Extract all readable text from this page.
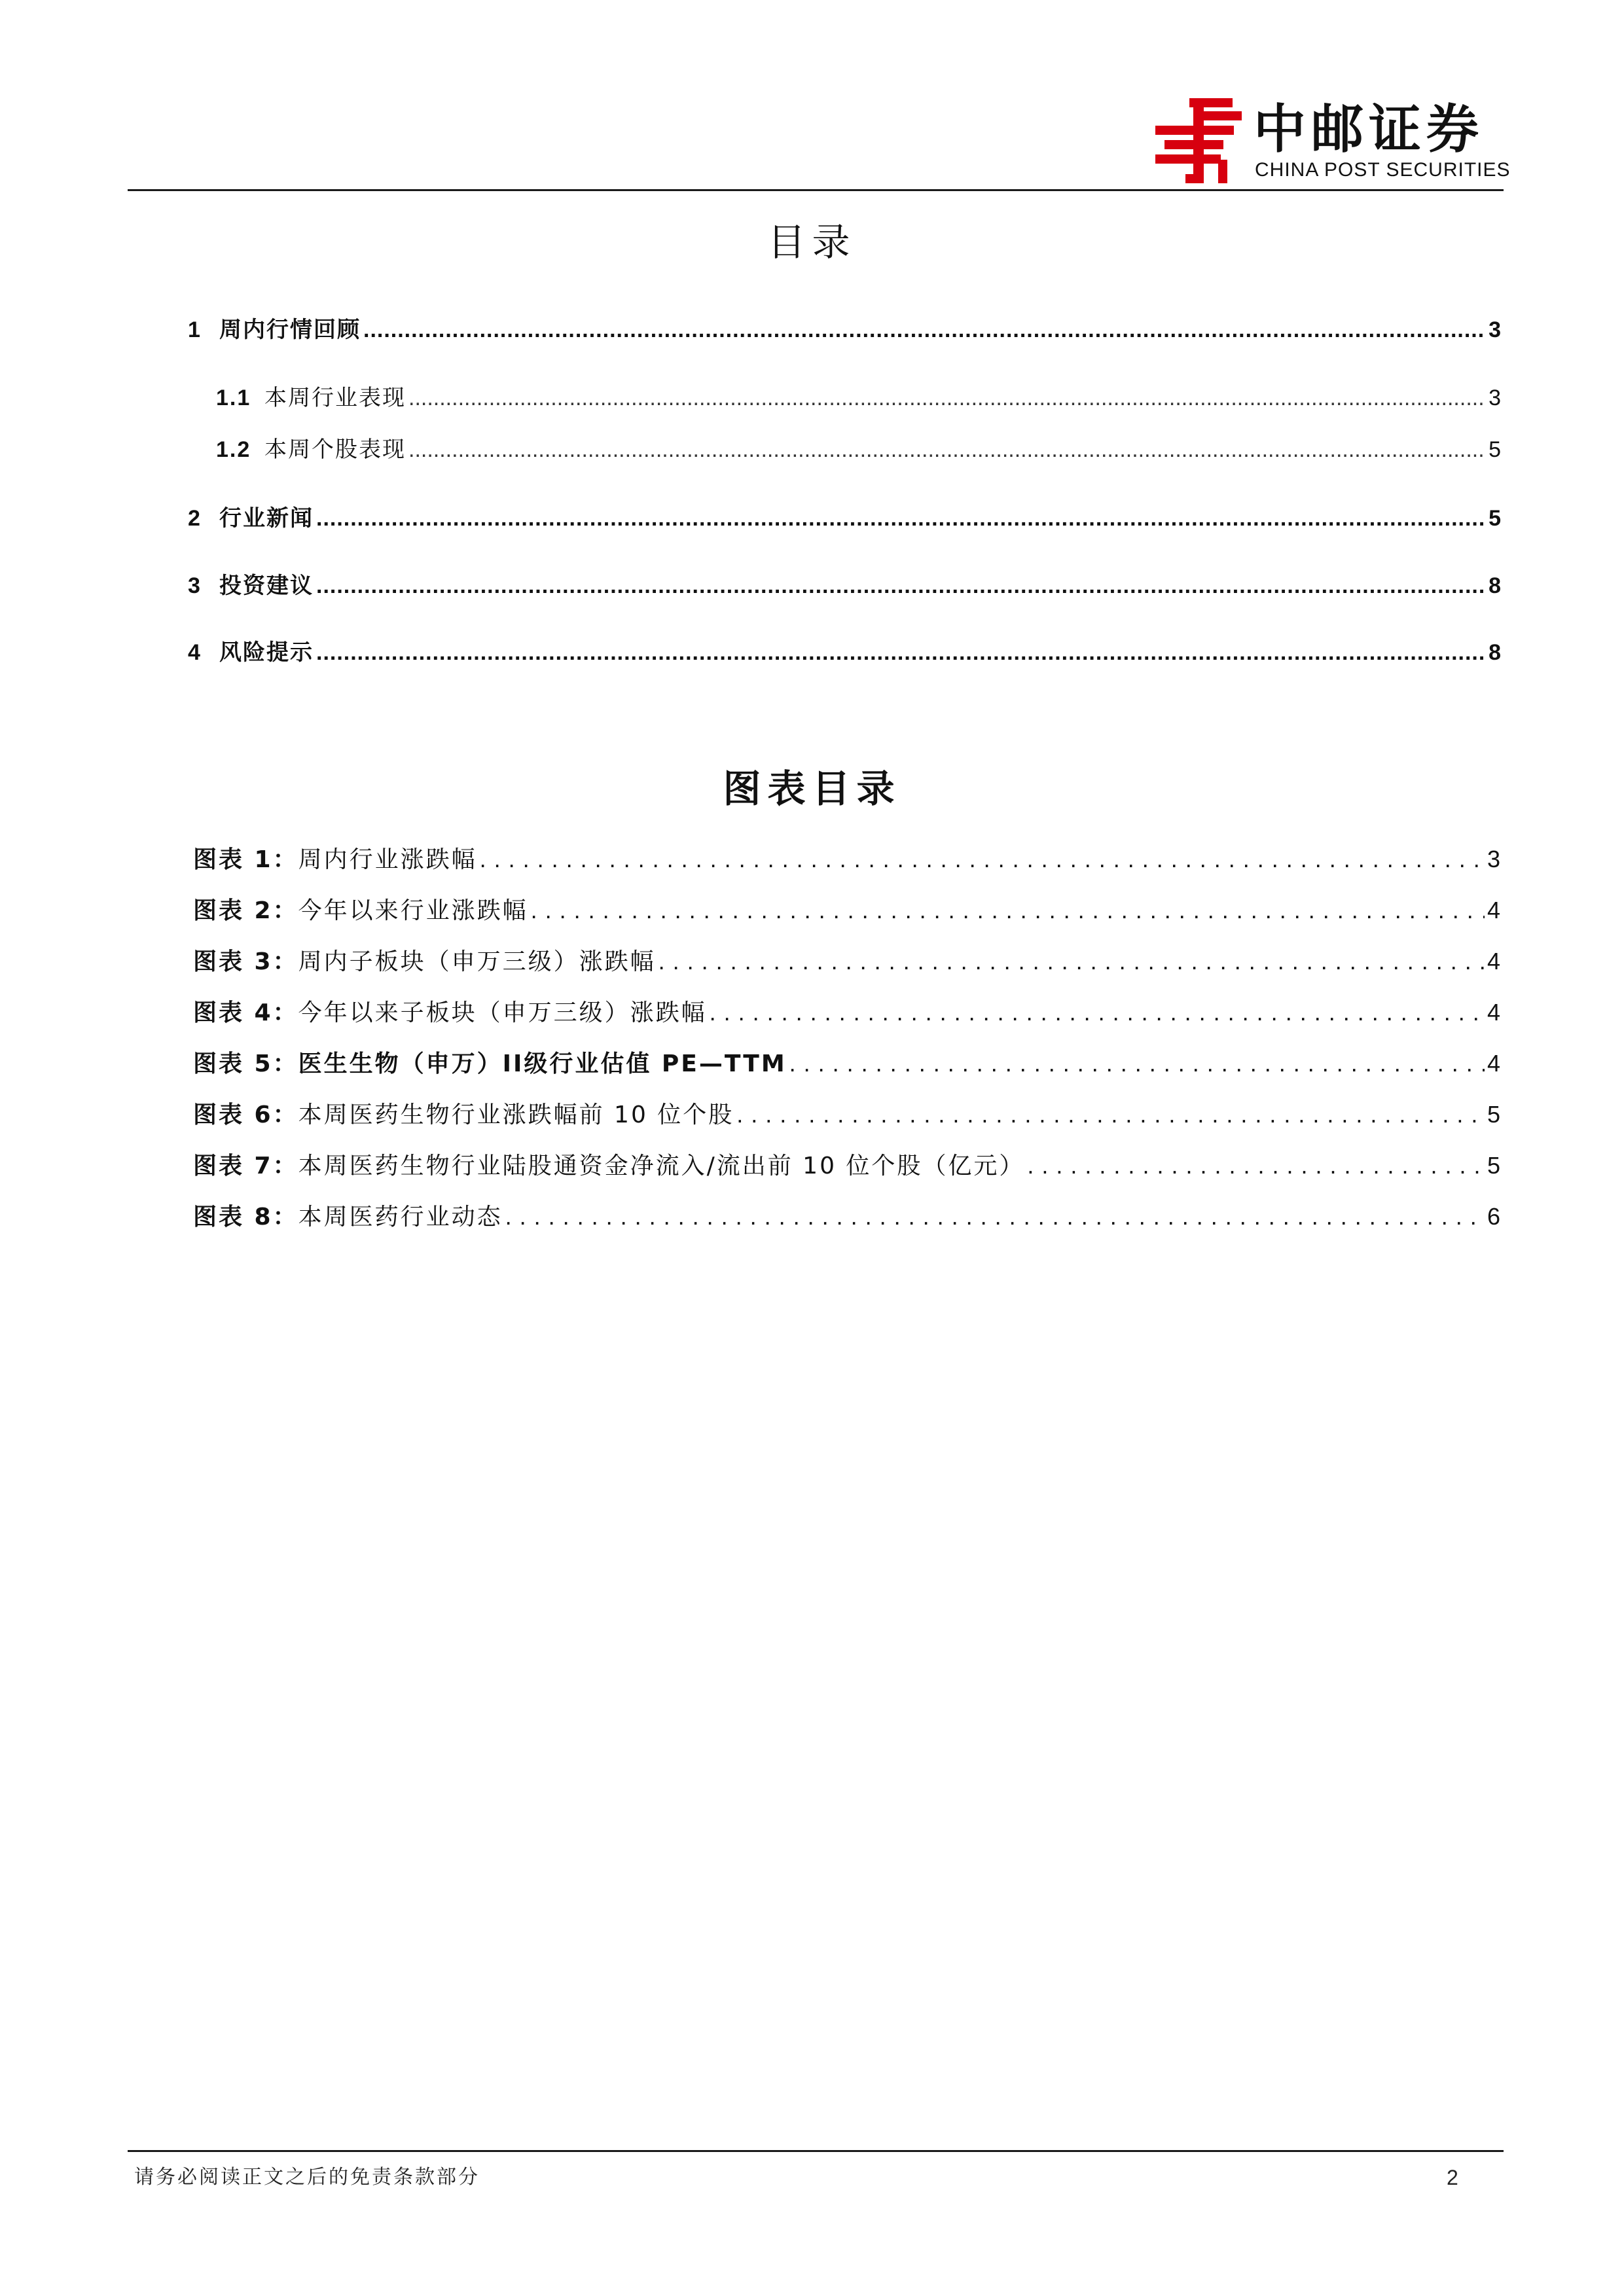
中邮证券
CHINA POST SECURITIES
目录
1 周内行情回顾 .....	3
1.1 本周行业表现 .....	3
1.2 本周个股表现 .....	5
2 行业新闻 .....	5
3 投资建议 .....	8
4 风险提示 .....	8
图表目录
图表 1：周内行业涨跌幅 .....	3
图表 2：今年以来行业涨跌幅 .....	4
图表 3：周内子板块（申万三级）涨跌幅 .....	4
图表 4：今年以来子板块（申万三级）涨跌幅 .....	4
图表 5：医生生物（申万）II级行业估值 PE—TTM .....	4
图表 6：本周医药生物行业涨跌幅前 10 位个股 .....	5
图表 7：本周医药生物行业陆股通资金净流入/流出前 10 位个股（亿元） .....	5
图表 8：本周医药行业动态 .....	6
请务必阅读正文之后的免责条款部分	2
